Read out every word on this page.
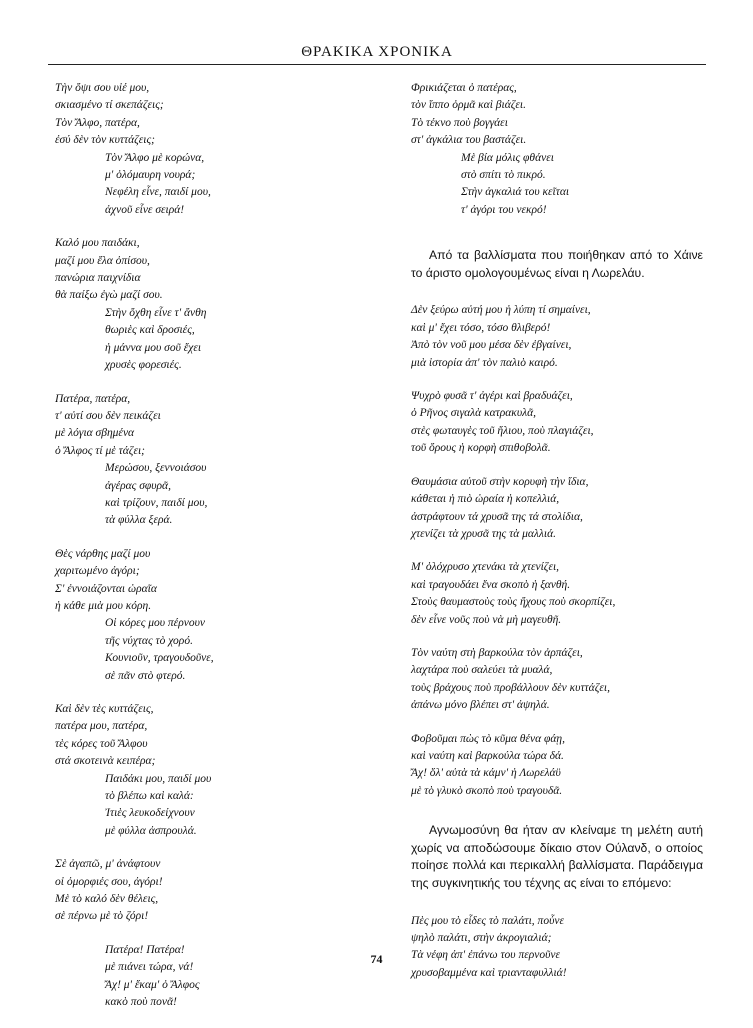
ΘΡΑΚΙΚΑ ΧΡΟΝΙΚΑ
Τὴν ὄψι σου υἱέ μου,
σκιασμένο τί σκεπάζεις;
Τὸν Ἄλφο, πατέρα,
ἐσύ δὲν τὸν κυττάζεις;
Τὸν Ἄλφο μὲ κορώνα,
μ' ὁλόμαυρη νουρά;
Νεφέλη εἶνε, παιδί μου,
ἀχνοῦ εἶνε σειρά!
Καλό μου παιδάκι,
μαζί μου ἔλα ὀπίσου,
πανώρια παιχνίδια
θὰ παίξω ἐγὼ μαζί σου.
Στὴν ὄχθη εἶνε τ' ἄνθη
θωριὲς καὶ δροσιές,
ἡ μάννα μου σοῦ ἔχει
χρυσὲς φορεσιές.
Πατέρα, πατέρα,
τ' αὐτί σου δὲν πεικάζει
μὲ λόγια σβημένα
ὁ Ἄλφος τί μὲ τάζει;
Μερώσου, ξεννοιάσου
ἀγέρας σφυρᾶ,
καὶ τρίζουν, παιδί μου,
τὰ φύλλα ξερά.
Θὲς νάρθης μαζί μου
χαριτωμένο ἀγόρι;
Σ' ἐννοιάζονται ὡραῖα
ἡ κάθε μιὰ μου κόρη.
Οἱ κόρες μου πέρνουν
τῆς νύχτας τὸ χορό.
Κουνιοῦν, τραγουδοῦνε,
σὲ πᾶν στὸ φτερό.
Καὶ δὲν τὲς κυττάζεις,
πατέρα μου, πατέρα,
τὲς κόρες τοῦ Ἄλφου
στά σκοτεινὰ κειπέρα;
Παιδάκι μου, παιδί μου
τὸ βλέπω καὶ καλά:
Ἰτιὲς λευκοδείχνουν
μὲ φύλλα ἀσπρουλά.
Σὲ ἀγαπῶ, μ' ἀνάφτουν
οἱ ὀμορφιές σου, ἀγόρι!
Μὲ τὸ καλό δὲν θέλεις,
σὲ πέρνω μὲ τὸ ζόρι!
Πατέρα! Πατέρα!
μὲ πιάνει τώρα, νά!
Ἄχ! μ' ἔκαμ' ὁ Ἄλφος
κακὸ ποὺ πονᾶ!
Φρικιάζεται ὁ πατέρας,
τὸν ἵππο ὁρμᾶ καὶ βιάζει.
Τὸ τέκνο ποὺ βογγάει
στ' ἀγκάλια του βαστάζει.
Μὲ βία μόλις φθάνει
στὸ σπίτι τὸ πικρό.
Στὴν ἀγκαλιά του κεῖται
τ' ἀγόρι του νεκρό!

Από τα βαλλίσματα που ποιήθηκαν από το Χάινε το άριστο ομολογουμένως είναι η Λωρελάυ.

Δὲν ξεύρω αὐτή μου ἡ λύπη τί σημαίνει,
καὶ μ' ἔχει τόσο, τόσο θλιβερό!
Ἀπὸ τὸν νοῦ μου μέσα δὲν ἐβγαίνει,
μιὰ ἱστορία ἀπ' τὸν παλιὸ καιρό.
Ψυχρὸ φυσᾶ τ' ἀγέρι καὶ βραδυάζει,
ὁ Ρῆνος σιγαλὰ κατρακυλᾶ,
στὲς φωταυγὲς τοῦ ἥλιου, ποὺ πλαγιάζει,
τοῦ ὄρους ἡ κορφὴ σπιθοβολᾶ.
Θαυμάσια αὐτοῦ στὴν κορυφὴ τὴν ἴδια,
κάθεται ἡ πιὸ ὡραία ἡ κοπελλιά,
ἀστράφτουν τά χρυσᾶ της τά στολίδια,
χτενίζει τὰ χρυσᾶ της τὰ μαλλιά.
Μ' ὁλόχρυσο χτενάκι τὰ χτενίζει,
καὶ τραγουδάει ἕνα σκοπὸ ἡ ξανθή.
Στοὺς θαυμαστοὺς τοὺς ἤχους ποὺ σκορπίζει,
δὲν εἶνε νοῦς ποὺ νὰ μὴ μαγευθῆ.
Τὸν ναύτη στὴ βαρκούλα τὸν ἁρπάζει,
λαχτάρα ποὺ σαλεύει τὰ μυαλά,
τοὺς βράχους ποὺ προβάλλουν δὲν κυττάζει,
ἀπάνω μόνο βλέπει στ' ἀψηλά.
Φοβοῦμαι πὼς τὸ κῦμα θένα φάῃ,
καὶ ναύτη καὶ βαρκούλα τώρα δά.
Ἄχ! ὅλ' αὐτὰ τὰ κάμν' ἡ Λωρελάϋ
μὲ τὸ γλυκὸ σκοπὸ ποὺ τραγουδᾶ.

Αγνωμοσύνη θα ήταν αν κλείναμε τη μελέτη αυτή χωρίς να αποδώσουμε δίκαιο στον Ούλανδ, ο οποίος ποίησε πολλά και περικαλλή βαλλίσματα. Παράδειγμα της συγκινητικής του τέχνης ας είναι το επόμενο:

Πὲς μου τὸ εἶδες τὸ παλάτι, ποὖνε
ψηλὸ παλάτι, στὴν ἀκρογιαλιά;
Τὰ νέφη ἀπ' ἐπάνω του περνοῦνε
χρυσοβαμμένα καὶ τριανταφυλλιά!
74
